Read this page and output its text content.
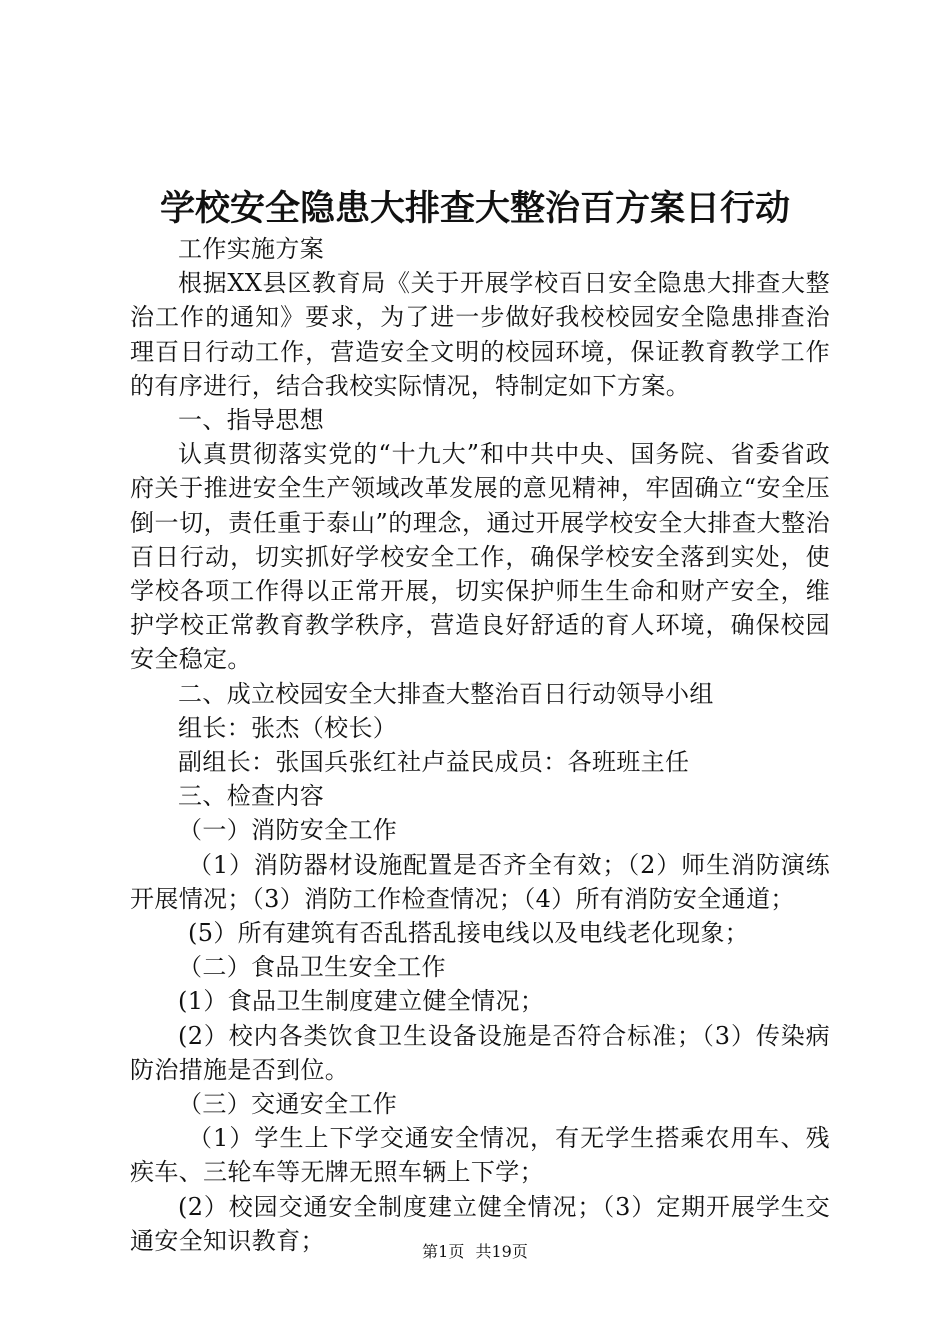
学校安全隐患大排查大整治百方案日行动

工作实施方案

根据XX县区教育局《关于开展学校百日安全隐患大排查大整治工作的通知》要求，为了进一步做好我校校园安全隐患排查治理百日行动工作，营造安全文明的校园环境，保证教育教学工作的有序进行，结合我校实际情况，特制定如下方案。

一、指导思想

认真贯彻落实党的“十九大”和中共中央、国务院、省委省政府关于推进安全生产领域改革发展的意见精神，牢固确立“安全压倒一切，责任重于泰山”的理念，通过开展学校安全大排查大整治百日行动，切实抓好学校安全工作，确保学校安全落到实处，使学校各项工作得以正常开展，切实保护师生生命和财产安全，维护学校正常教育教学秩序，营造良好舒适的育人环境，确保校园安全稳定。

二、成立校园安全大排查大整治百日行动领导小组

组长：张杰（校长）

副组长：张国兵张红社卢益民成员：各班班主任

三、检查内容

（一）消防安全工作

（1）消防器材设施配置是否齐全有效；（2）师生消防演练开展情况；（3）消防工作检查情况；（4）所有消防安全通道；

(5）所有建筑有否乱搭乱接电线以及电线老化现象；

（二）食品卫生安全工作

(1）食品卫生制度建立健全情况；

(2）校内各类饮食卫生设备设施是否符合标准；（3）传染病防治措施是否到位。

（三）交通安全工作

（1）学生上下学交通安全情况，有无学生搭乘农用车、残疾车、三轮车等无牌无照车辆上下学；

(2）校园交通安全制度建立健全情况；（3）定期开展学生交通安全知识教育；	第1页 共19页
